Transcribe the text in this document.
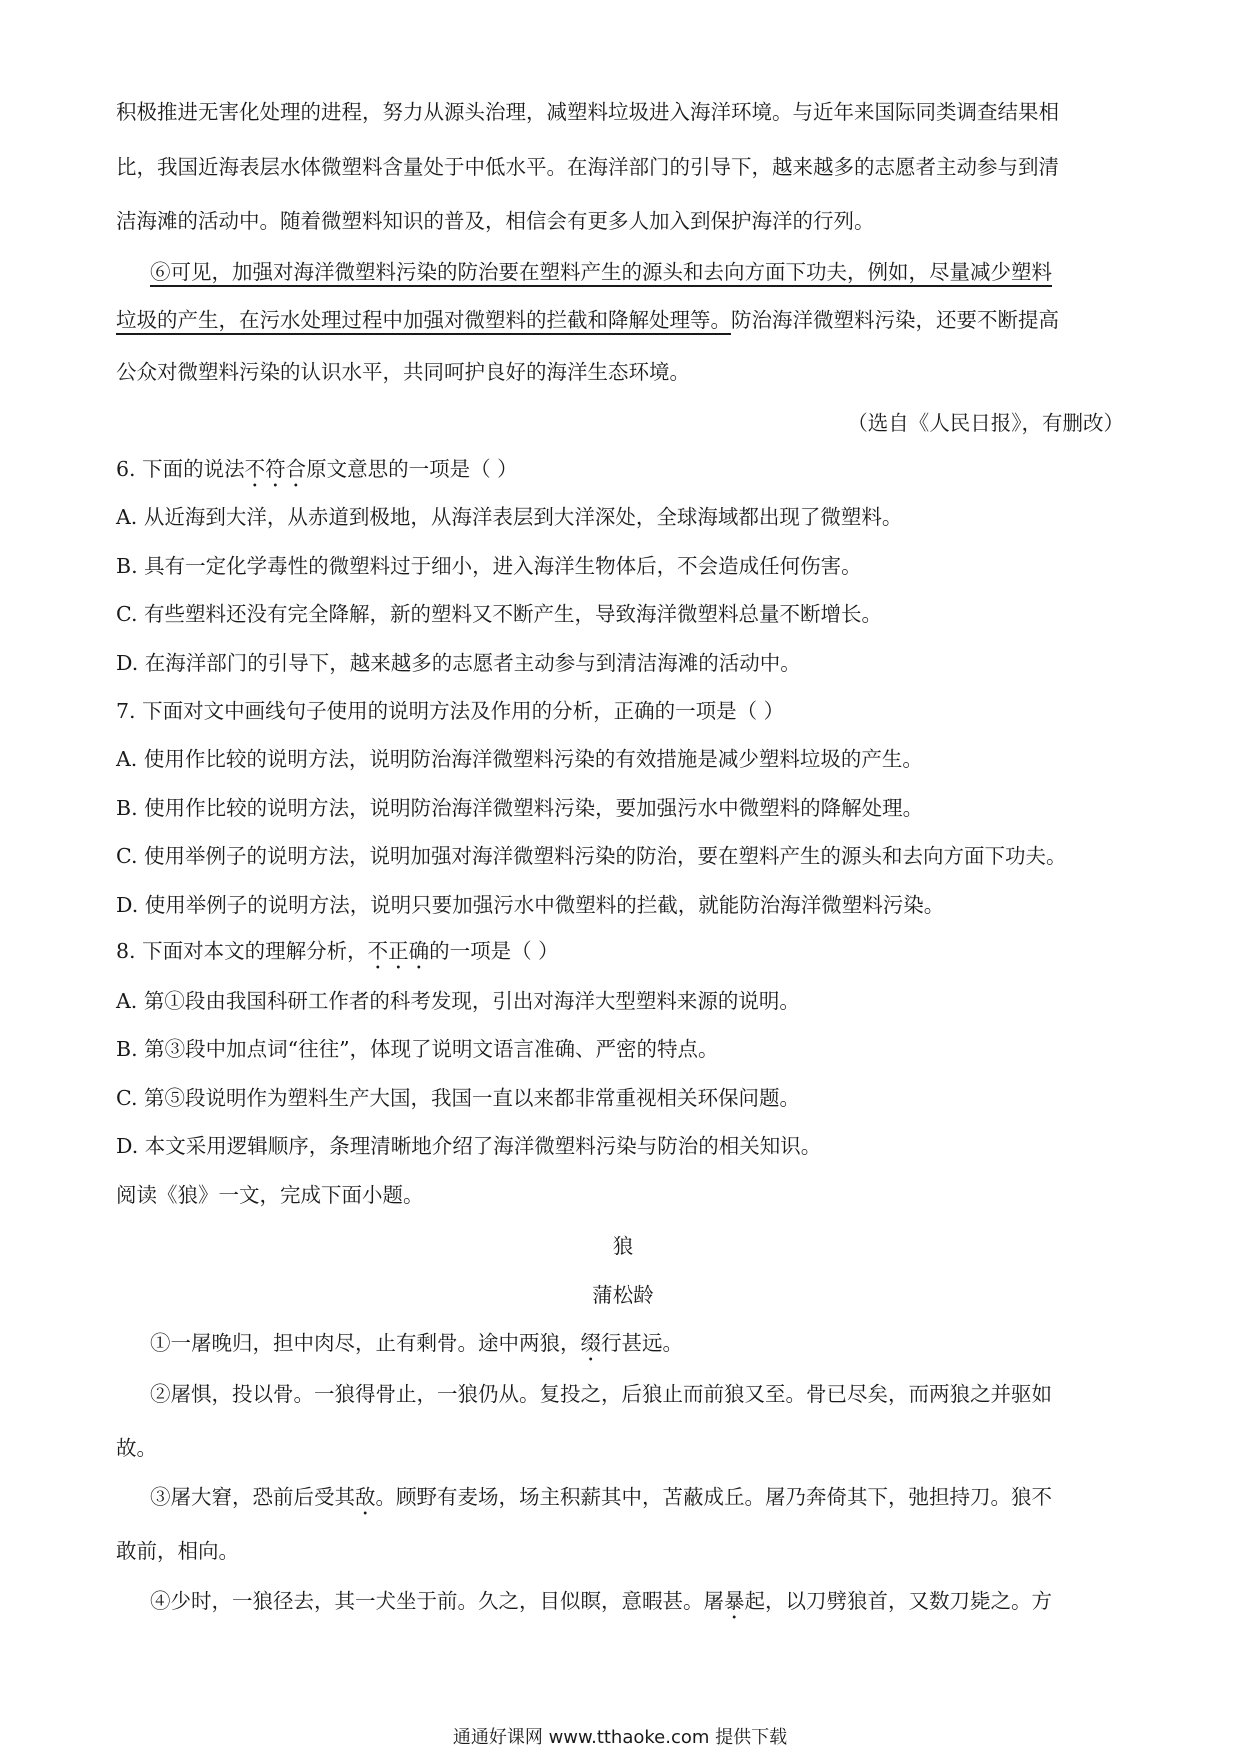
积极推进无害化处理的进程，努力从源头治理，减塑料垃圾进入海洋环境。与近年来国际同类调查结果相
比，我国近海表层水体微塑料含量处于中低水平。在海洋部门的引导下，越来越多的志愿者主动参与到清
洁海滩的活动中。随着微塑料知识的普及，相信会有更多人加入到保护海洋的行列。
⑥可见，加强对海洋微塑料污染的防治要在塑料产生的源头和去向方面下功夫，例如，尽量减少塑料
垃圾的产生，在污水处理过程中加强对微塑料的拦截和降解处理等。防治海洋微塑料污染，还要不断提高
公众对微塑料污染的认识水平，共同呵护良好的海洋生态环境。
（选自《人民日报》，有删改）
6. 下面的说法不符合原文意思的一项是（ ）
A. 从近海到大洋，从赤道到极地，从海洋表层到大洋深处，全球海域都出现了微塑料。
B. 具有一定化学毒性的微塑料过于细小，进入海洋生物体后，不会造成任何伤害。
C. 有些塑料还没有完全降解，新的塑料又不断产生，导致海洋微塑料总量不断增长。
D. 在海洋部门的引导下，越来越多的志愿者主动参与到清洁海滩的活动中。
7. 下面对文中画线句子使用的说明方法及作用的分析，正确的一项是（ ）
A. 使用作比较的说明方法，说明防治海洋微塑料污染的有效措施是减少塑料垃圾的产生。
B. 使用作比较的说明方法，说明防治海洋微塑料污染，要加强污水中微塑料的降解处理。
C. 使用举例子的说明方法，说明加强对海洋微塑料污染的防治，要在塑料产生的源头和去向方面下功夫。
D. 使用举例子的说明方法，说明只要加强污水中微塑料的拦截，就能防治海洋微塑料污染。
8. 下面对本文的理解分析，不正确的一项是（ ）
A. 第①段由我国科研工作者的科考发现，引出对海洋大型塑料来源的说明。
B. 第③段中加点词“往往”，体现了说明文语言准确、严密的特点。
C. 第⑤段说明作为塑料生产大国，我国一直以来都非常重视相关环保问题。
D. 本文采用逻辑顺序，条理清晰地介绍了海洋微塑料污染与防治的相关知识。
阅读《狼》一文，完成下面小题。
狼
蒲松龄
①一屠晚归，担中肉尽，止有剩骨。途中两狼，缀行甚远。
②屠惧，投以骨。一狼得骨止，一狼仍从。复投之，后狼止而前狼又至。骨已尽矣，而两狼之并驱如
故。
③屠大窘，恐前后受其敌。顾野有麦场，场主积薪其中，苫蔽成丘。屠乃奔倚其下，弛担持刀。狼不
敢前，相向。
④少时，一狼径去，其一犬坐于前。久之，目似瞑，意暇甚。屠暴起，以刀劈狼首，又数刀毙之。方
通通好课网 www.tthaoke.com 提供下载
